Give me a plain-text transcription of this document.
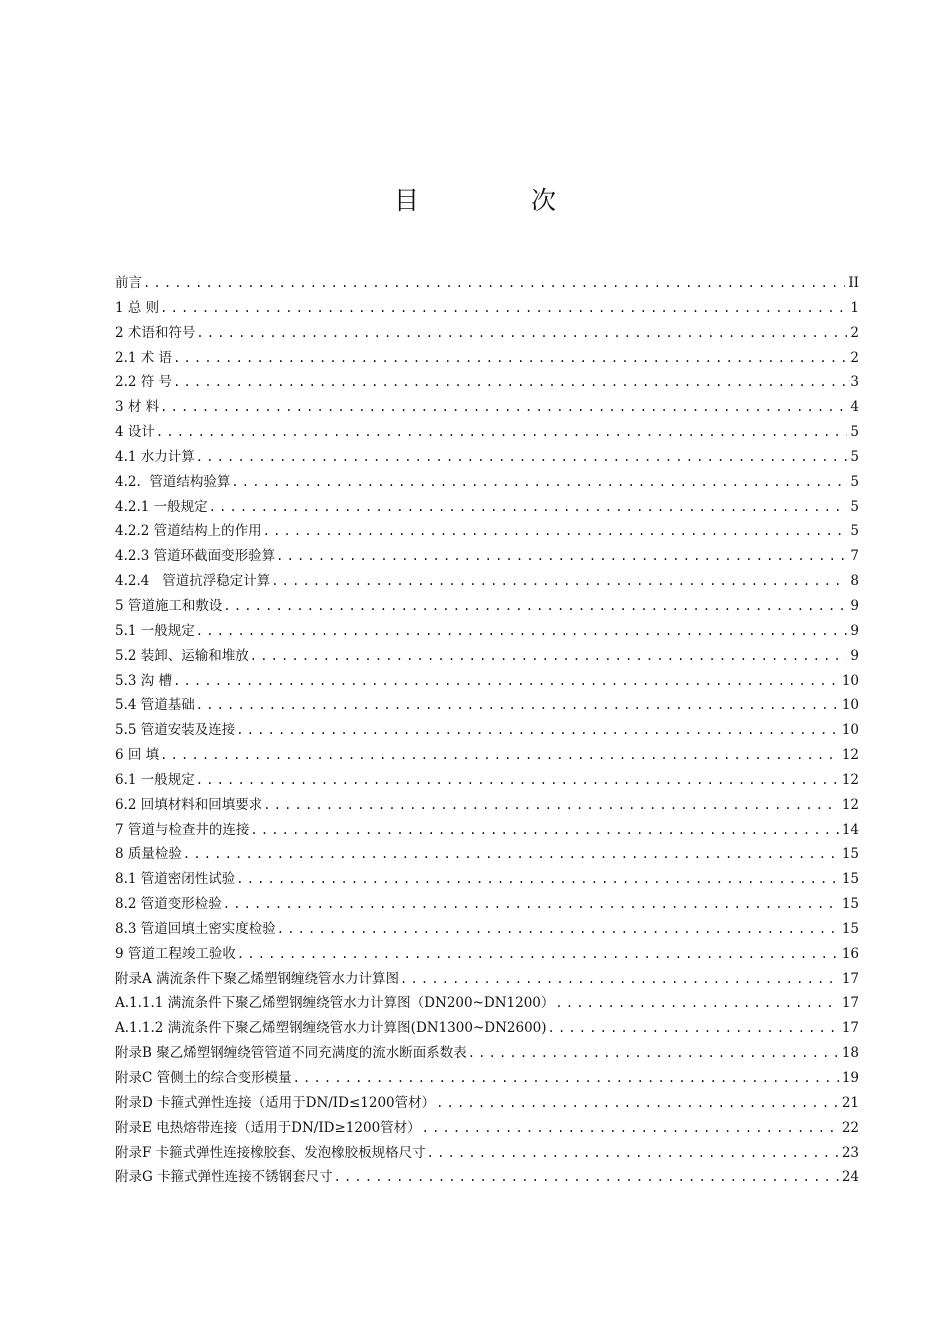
目 次
前言 .....	II
1 总 则 .....	1
2 术语和符号 .....	2
2.1 术 语 .....	2
2.2 符 号 .....	3
3 材 料 .....	4
4 设计 .....	5
4.1 水力计算 .....	5
4.2.  管道结构验算 .....	5
4.2.1 一般规定 .....	5
4.2.2 管道结构上的作用 .....	5
4.2.3 管道环截面变形验算 .....	7
4.2.4   管道抗浮稳定计算 .....	8
5 管道施工和敷设 .....	9
5.1 一般规定 .....	9
5.2 装卸、运输和堆放 .....	9
5.3 沟 槽 .....	10
5.4 管道基础 .....	10
5.5 管道安装及连接 .....	10
6 回 填 .....	12
6.1 一般规定 .....	12
6.2 回填材料和回填要求 .....	12
7 管道与检查井的连接 .....	14
8 质量检验 .....	15
8.1 管道密闭性试验 .....	15
8.2 管道变形检验 .....	15
8.3 管道回填土密实度检验 .....	15
9 管道工程竣工验收 .....	16
附录A 满流条件下聚乙烯塑钢缠绕管水力计算图 .....	17
A.1.1.1 满流条件下聚乙烯塑钢缠绕管水力计算图（DN200~DN1200） .....	17
A.1.1.2 满流条件下聚乙烯塑钢缠绕管水力计算图(DN1300~DN2600) .....	17
附录B 聚乙烯塑钢缠绕管管道不同充满度的流水断面系数表 .....	18
附录C 管侧土的综合变形模量 .....	19
附录D 卡箍式弹性连接（适用于DN/ID≤1200管材） .....	21
附录E 电热熔带连接（适用于DN/ID≥1200管材） .....	22
附录F 卡箍式弹性连接橡胶套、发泡橡胶板规格尺寸 .....	23
附录G 卡箍式弹性连接不锈钢套尺寸 .....	24
